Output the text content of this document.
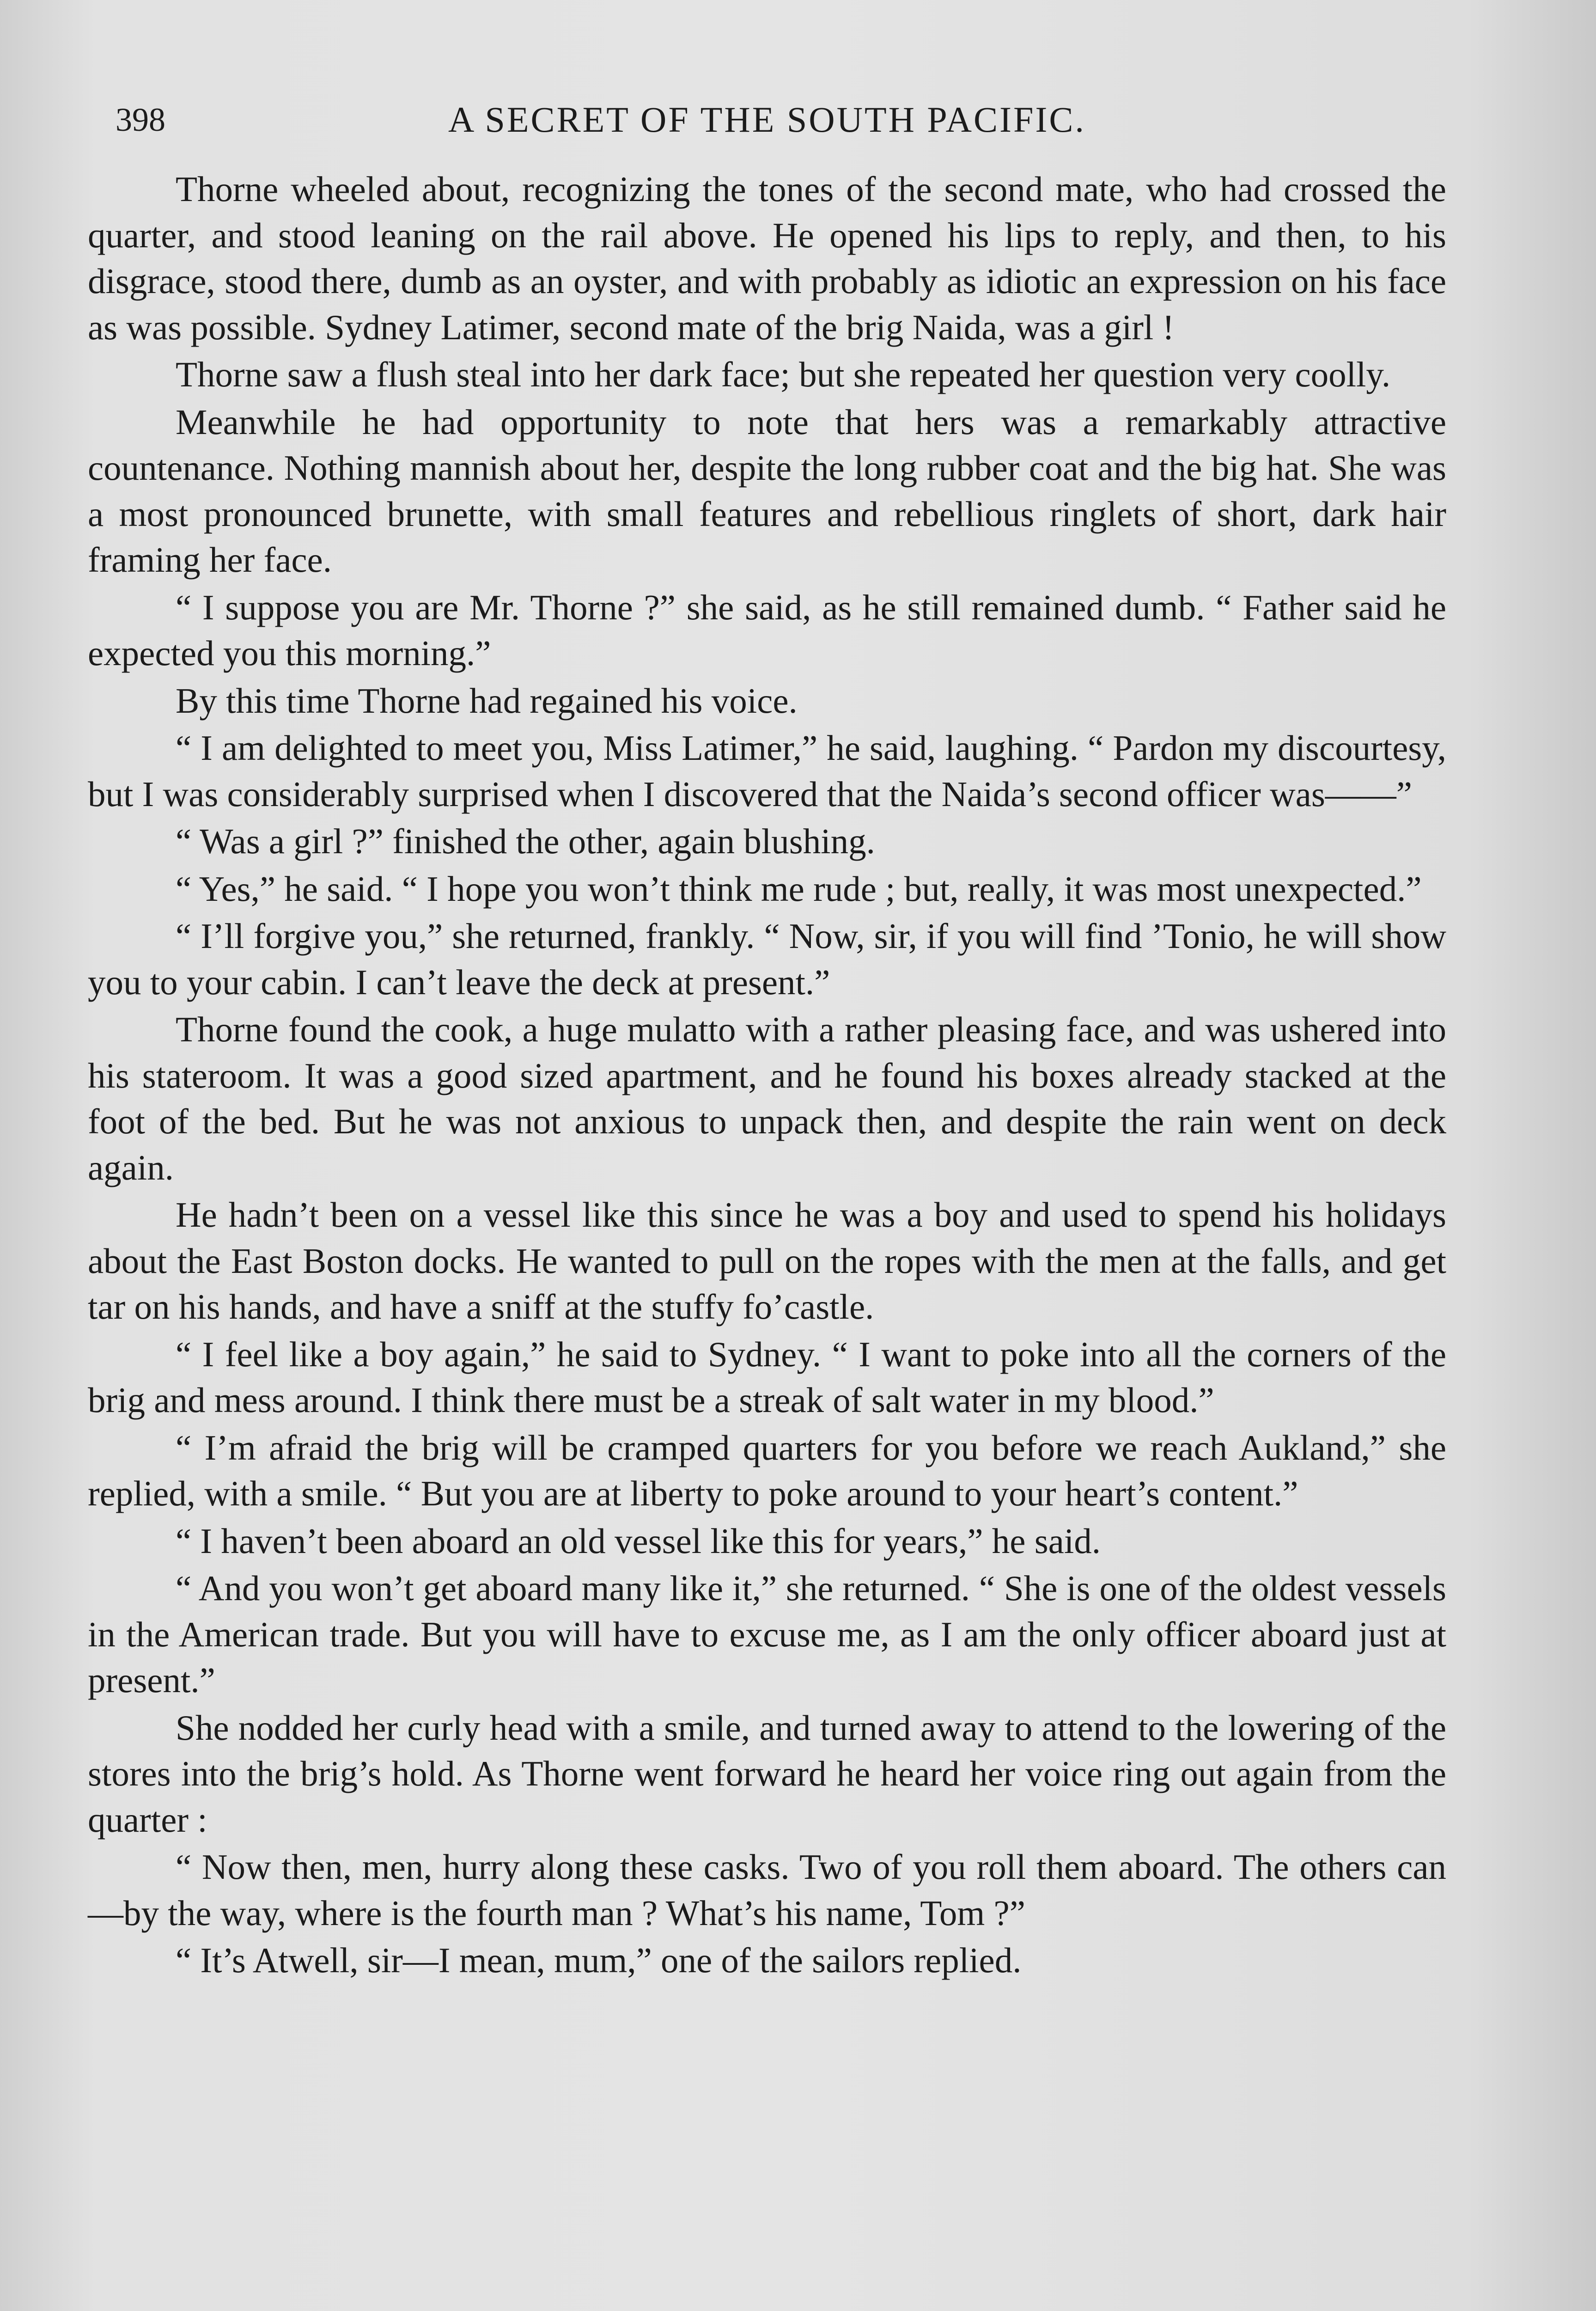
398	A SECRET OF THE SOUTH PACIFIC.

Thorne wheeled about, recognizing the tones of the second mate, who had crossed the quarter, and stood leaning on the rail above. He opened his lips to reply, and then, to his disgrace, stood there, dumb as an oyster, and with probably as idiotic an expression on his face as was possible. Sydney Latimer, second mate of the brig Naida, was a girl !

Thorne saw a flush steal into her dark face; but she repeated her question very coolly.

Meanwhile he had opportunity to note that hers was a remarkably attractive countenance. Nothing mannish about her, despite the long rubber coat and the big hat. She was a most pronounced brunette, with small features and rebellious ringlets of short, dark hair framing her face.

“ I suppose you are Mr. Thorne ?” she said, as he still remained dumb. “ Father said he expected you this morning.”

By this time Thorne had regained his voice.

“ I am delighted to meet you, Miss Latimer,” he said, laughing. “ Pardon my discourtesy, but I was considerably surprised when I discovered that the Naida’s second officer was——”

“ Was a girl ?” finished the other, again blushing.

“ Yes,” he said. “ I hope you won’t think me rude ; but, really, it was most unexpected.”

“ I’ll forgive you,” she returned, frankly. “ Now, sir, if you will find ’Tonio, he will show you to your cabin. I can’t leave the deck at present.”

Thorne found the cook, a huge mulatto with a rather pleasing face, and was ushered into his stateroom. It was a good sized apartment, and he found his boxes already stacked at the foot of the bed. But he was not anxious to unpack then, and despite the rain went on deck again.

He hadn’t been on a vessel like this since he was a boy and used to spend his holidays about the East Boston docks. He wanted to pull on the ropes with the men at the falls, and get tar on his hands, and have a sniff at the stuffy fo’castle.

“ I feel like a boy again,” he said to Sydney. “ I want to poke into all the corners of the brig and mess around. I think there must be a streak of salt water in my blood.”

“ I’m afraid the brig will be cramped quarters for you before we reach Aukland,” she replied, with a smile. “ But you are at liberty to poke around to your heart’s content.”

“ I haven’t been aboard an old vessel like this for years,” he said.

“ And you won’t get aboard many like it,” she returned. “ She is one of the oldest vessels in the American trade. But you will have to excuse me, as I am the only officer aboard just at present.”

She nodded her curly head with a smile, and turned away to attend to the lowering of the stores into the brig’s hold. As Thorne went forward he heard her voice ring out again from the quarter :

“ Now then, men, hurry along these casks. Two of you roll them aboard. The others can—by the way, where is the fourth man ? What’s his name, Tom ?”

“ It’s Atwell, sir—I mean, mum,” one of the sailors replied.
